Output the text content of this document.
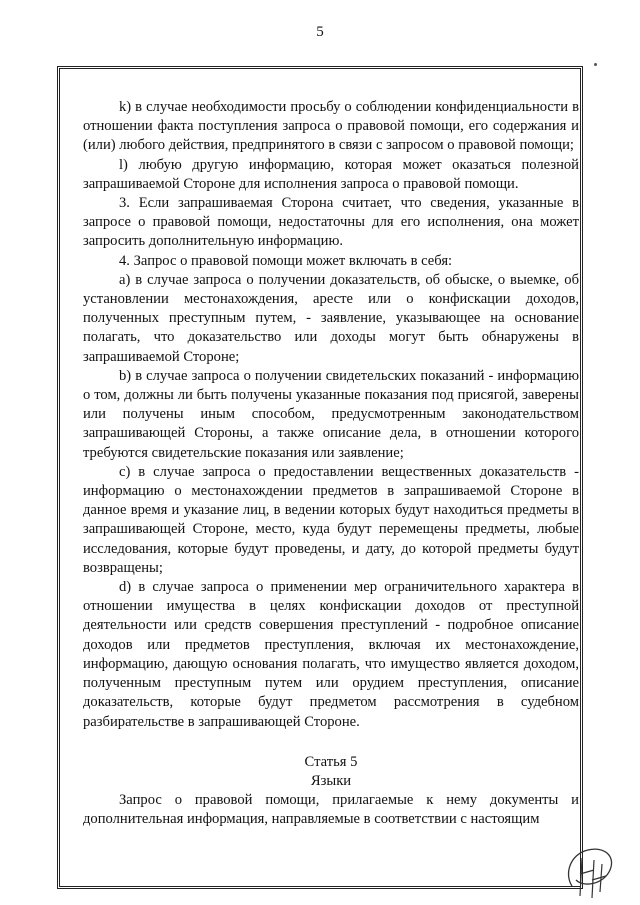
5

k) в случае необходимости просьбу о соблюдении конфиденциальности в отношении факта поступления запроса о правовой помощи, его содержания и (или) любого действия, предпринятого в связи с запросом о правовой помощи;

l) любую другую информацию, которая может оказаться полезной запрашиваемой Стороне для исполнения запроса о правовой помощи.

3. Если запрашиваемая Сторона считает, что сведения, указанные в запросе о правовой помощи, недостаточны для его исполнения, она может запросить дополнительную информацию.

4. Запрос о правовой помощи может включать в себя:

a) в случае запроса о получении доказательств, об обыске, о выемке, об установлении местонахождения, аресте или о конфискации доходов, полученных преступным путем, - заявление, указывающее на основание полагать, что доказательство или доходы могут быть обнаружены в запрашиваемой Стороне;

b) в случае запроса о получении свидетельских показаний - информацию о том, должны ли быть получены указанные показания под присягой, заверены или получены иным способом, предусмотренным законодательством запрашивающей Стороны, а также описание дела, в отношении которого требуются свидетельские показания или заявление;

c) в случае запроса о предоставлении вещественных доказательств - информацию о местонахождении предметов в запрашиваемой Стороне в данное время и указание лиц, в ведении которых будут находиться предметы в запрашивающей Стороне, место, куда будут перемещены предметы, любые исследования, которые будут проведены, и дату, до которой предметы будут возвращены;

d) в случае запроса о применении мер ограничительного характера в отношении имущества в целях конфискации доходов от преступной деятельности или средств совершения преступлений - подробное описание доходов или предметов преступления, включая их местонахождение, информацию, дающую основания полагать, что имущество является доходом, полученным преступным путем или орудием преступления, описание доказательств, которые будут предметом рассмотрения в судебном разбирательстве в запрашивающей Стороне.

Статья 5
Языки

Запрос о правовой помощи, прилагаемые к нему документы и дополнительная информация, направляемые в соответствии с настоящим
